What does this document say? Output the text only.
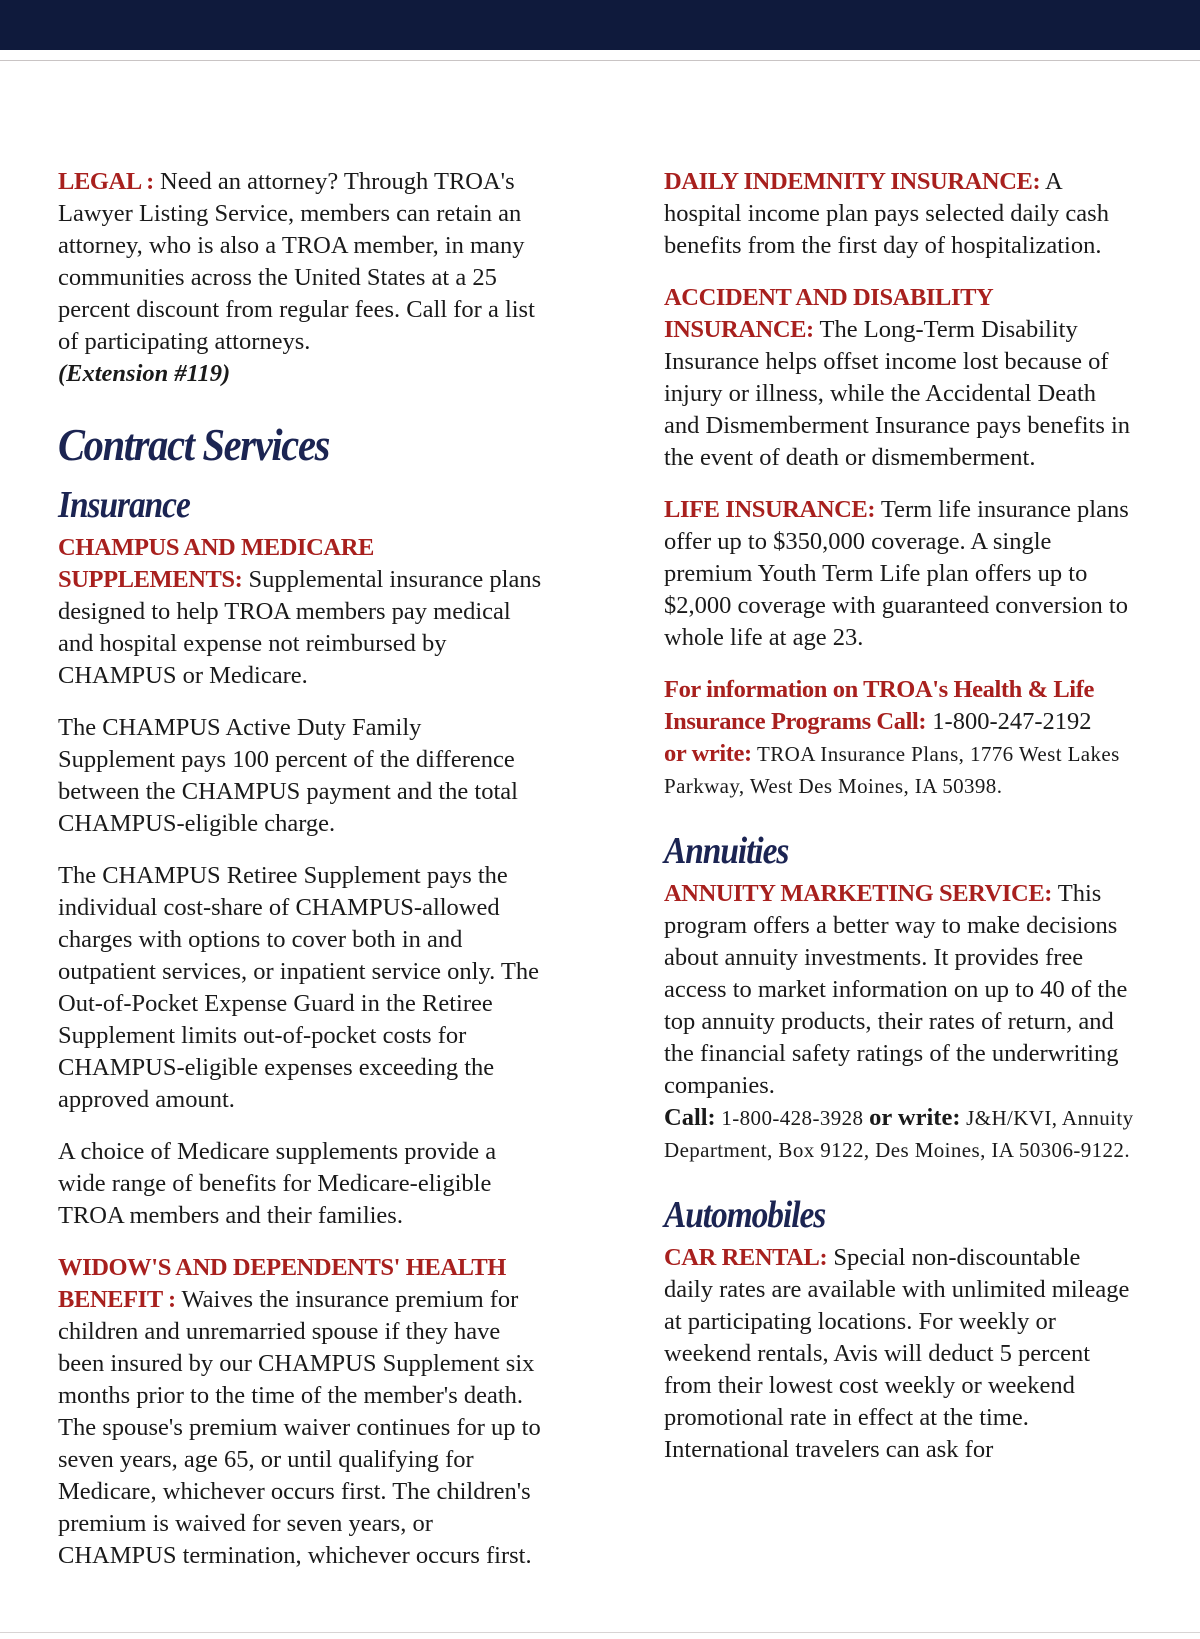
LEGAL : Need an attorney? Through TROA's Lawyer Listing Service, members can retain an attorney, who is also a TROA member, in many communities across the United States at a 25 percent discount from regular fees. Call for a list of participating attorneys.
(Extension #119)

Contract Services
Insurance

CHAMPUS AND MEDICARE SUPPLEMENTS: Supplemental insurance plans designed to help TROA members pay medical and hospital expense not reimbursed by CHAMPUS or Medicare.

The CHAMPUS Active Duty Family Supplement pays 100 percent of the difference between the CHAMPUS payment and the total CHAMPUS-eligible charge.

The CHAMPUS Retiree Supplement pays the individual cost-share of CHAMPUS-allowed charges with options to cover both in and outpatient services, or inpatient service only. The Out-of-Pocket Expense Guard in the Retiree Supplement limits out-of-pocket costs for CHAMPUS-eligible expenses exceeding the approved amount.

A choice of Medicare supplements provide a wide range of benefits for Medicare-eligible TROA members and their families.

WIDOW'S AND DEPENDENTS' HEALTH BENEFIT : Waives the insurance premium for children and unremarried spouse if they have been insured by our CHAMPUS Supplement six months prior to the time of the member's death. The spouse's premium waiver continues for up to seven years, age 65, or until qualifying for Medicare, whichever occurs first. The children's premium is waived for seven years, or CHAMPUS termination, whichever occurs first.

DAILY INDEMNITY INSURANCE: A hospital income plan pays selected daily cash benefits from the first day of hospitalization.

ACCIDENT AND DISABILITY INSURANCE: The Long-Term Disability Insurance helps offset income lost because of injury or illness, while the Accidental Death and Dismemberment Insurance pays benefits in the event of death or dismemberment.

LIFE INSURANCE: Term life insurance plans offer up to $350,000 coverage. A single premium Youth Term Life plan offers up to $2,000 coverage with guaranteed conversion to whole life at age 23.

For information on TROA's Health & Life Insurance Programs Call: 1-800-247-2192
or write: TROA Insurance Plans, 1776 West Lakes Parkway, West Des Moines, IA 50398.

Annuities

ANNUITY MARKETING SERVICE: This program offers a better way to make decisions about annuity investments. It provides free access to market information on up to 40 of the top annuity products, their rates of return, and the financial safety ratings of the underwriting companies.
Call: 1-800-428-3928 or write: J&H/KVI, Annuity Department, Box 9122, Des Moines, IA 50306-9122.

Automobiles

CAR RENTAL: Special non-discountable daily rates are available with unlimited mileage at participating locations. For weekly or weekend rentals, Avis will deduct 5 percent from their lowest cost weekly or weekend promotional rate in effect at the time. International travelers can ask for
